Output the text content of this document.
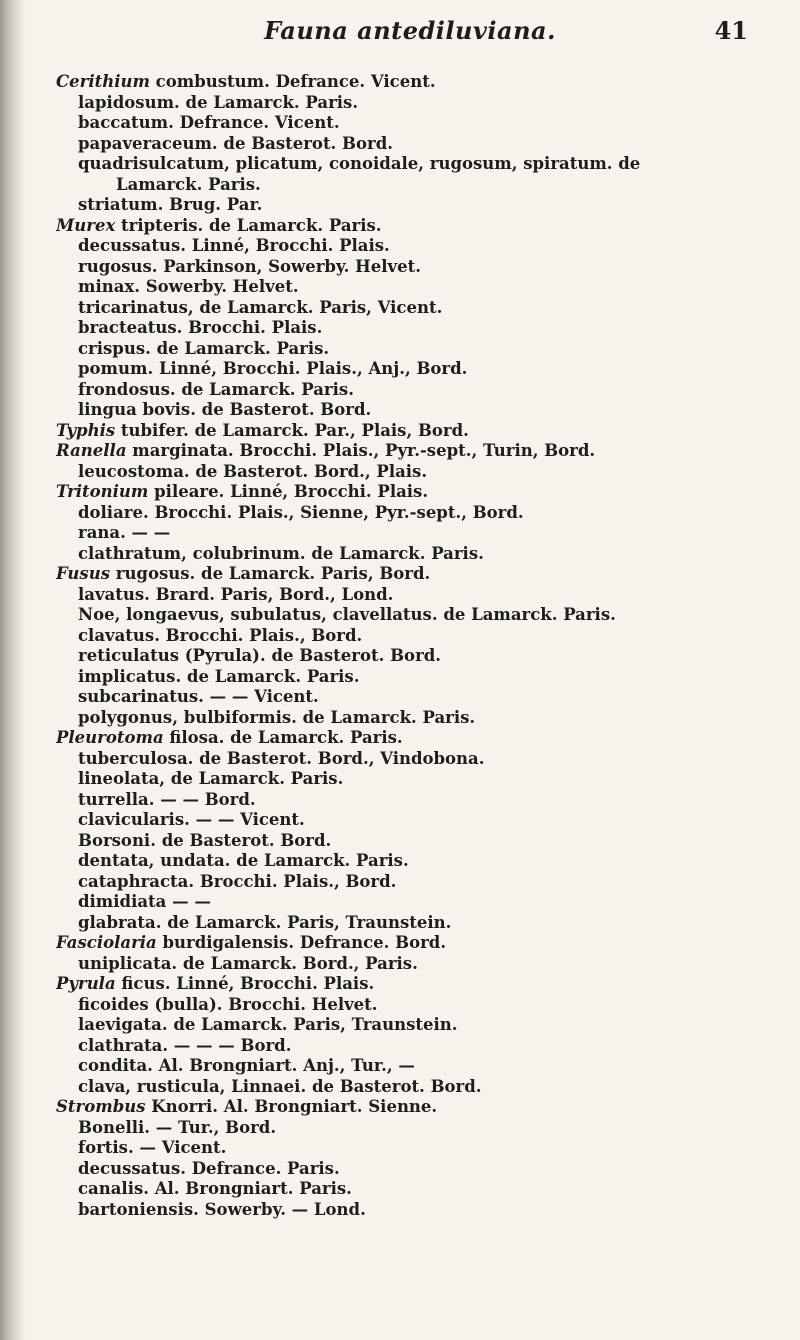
Fauna antediluviana.	41
Cerithium combustum. Defrance. Vicent.
lapidosum. de Lamarck. Paris.
baccatum. Defrance. Vicent.
papaveraceum. de Basterot. Bord.
quadrisulcatum, plicatum, conoidale, rugosum, spiratum. de
Lamarck. Paris.
striatum. Brug. Par.
Murex tripteris. de Lamarck. Paris.
decussatus. Linné, Brocchi. Plais.
rugosus. Parkinson, Sowerby. Helvet.
minax. Sowerby. Helvet.
tricarinatus, de Lamarck. Paris, Vicent.
bracteatus. Brocchi. Plais.
crispus. de Lamarck. Paris.
pomum. Linné, Brocchi. Plais., Anj., Bord.
frondosus. de Lamarck. Paris.
lingua bovis. de Basterot. Bord.
Typhis tubifer. de Lamarck. Par., Plais, Bord.
Ranella marginata. Brocchi. Plais., Pyr.-sept., Turin, Bord.
leucostoma. de Basterot. Bord., Plais.
Tritonium pileare. Linné, Brocchi. Plais.
doliare. Brocchi. Plais., Sienne, Pyr.-sept., Bord.
rana. — —
clathratum, colubrinum. de Lamarck. Paris.
Fusus rugosus. de Lamarck. Paris, Bord.
lavatus. Brard. Paris, Bord., Lond.
Noe, longaevus, subulatus, clavellatus. de Lamarck. Paris.
clavatus. Brocchi. Plais., Bord.
reticulatus (Pyrula). de Basterot. Bord.
implicatus. de Lamarck. Paris.
subcarinatus. — — Vicent.
polygonus, bulbiformis. de Lamarck. Paris.
Pleurotoma filosa. de Lamarck. Paris.
tuberculosa. de Basterot. Bord., Vindobona.
lineolata, de Lamarck. Paris.
turrella. — — Bord.
clavicularis. — — Vicent.
Borsoni. de Basterot. Bord.
dentata, undata. de Lamarck. Paris.
cataphracta. Brocchi. Plais., Bord.
dimidiata — —
glabrata. de Lamarck. Paris, Traunstein.
Fasciolaria burdigalensis. Defrance. Bord.
uniplicata. de Lamarck. Bord., Paris.
Pyrula ficus. Linné, Brocchi. Plais.
ficoides (bulla). Brocchi. Helvet.
laevigata. de Lamarck. Paris, Traunstein.
clathrata. — — — Bord.
condita. Al. Brongniart. Anj., Tur., —
clava, rusticula, Linnaei. de Basterot. Bord.
Strombus Knorri. Al. Brongniart. Sienne.
Bonelli. — Tur., Bord.
fortis. — Vicent.
decussatus. Defrance. Paris.
canalis. Al. Brongniart. Paris.
bartoniensis. Sowerby. — Lond.
